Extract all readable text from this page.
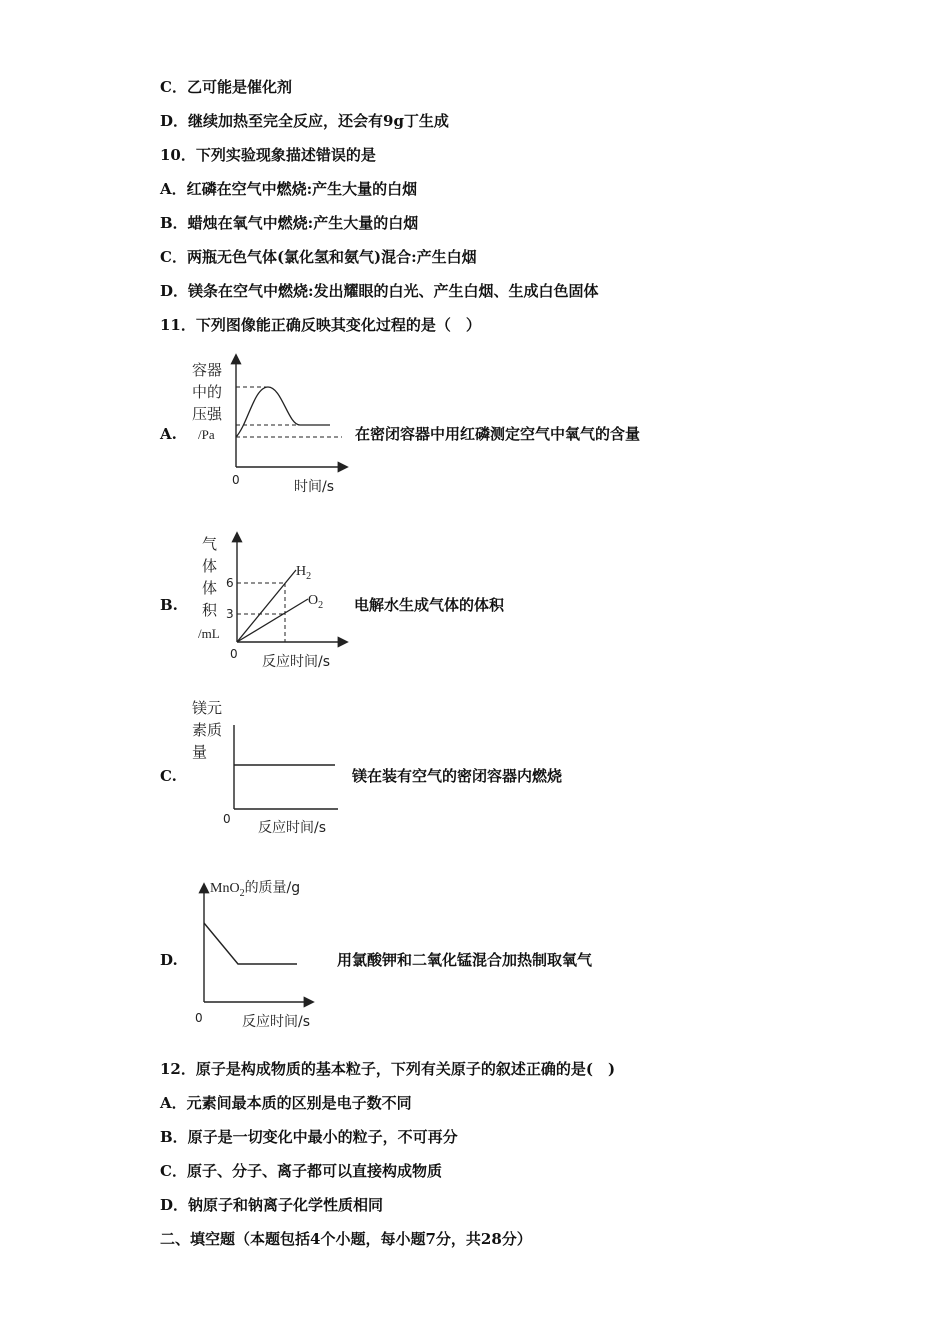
C．乙可能是催化剂
D．继续加热至完全反应，还会有9g丁生成
10．下列实验现象描述错误的是
A．红磷在空气中燃烧:产生大量的白烟
B．蜡烛在氧气中燃烧:产生大量的白烟
C．两瓶无色气体(氯化氢和氨气)混合:产生白烟
D．镁条在空气中燃烧:发出耀眼的白光、产生白烟、生成白色固体
11．下列图像能正确反映其变化过程的是（　）
A.
容器
中的
压强
/Pa
0	时间/s
在密闭容器中用红磷测定空气中氧气的含量
B.
气
体
体
积
/mL
6
3
0 反应时间/s
$H_2$
$O_2$ 电解水生成气体的体积
C.
镁元
素质
量
0
反应时间/s
镁在装有空气的密闭容器内燃烧
D.
MnO$_2$的质量/g
0	反应时间/s
用氯酸钾和二氧化锰混合加热制取氧气
12．原子是构成物质的基本粒子，下列有关原子的叙述正确的是(　)
A．元素间最本质的区别是电子数不同
B．原子是一切变化中最小的粒子，不可再分
C．原子、分子、离子都可以直接构成物质
D．钠原子和钠离子化学性质相同
二、填空题（本题包括4个小题，每小题7分，共28分）
